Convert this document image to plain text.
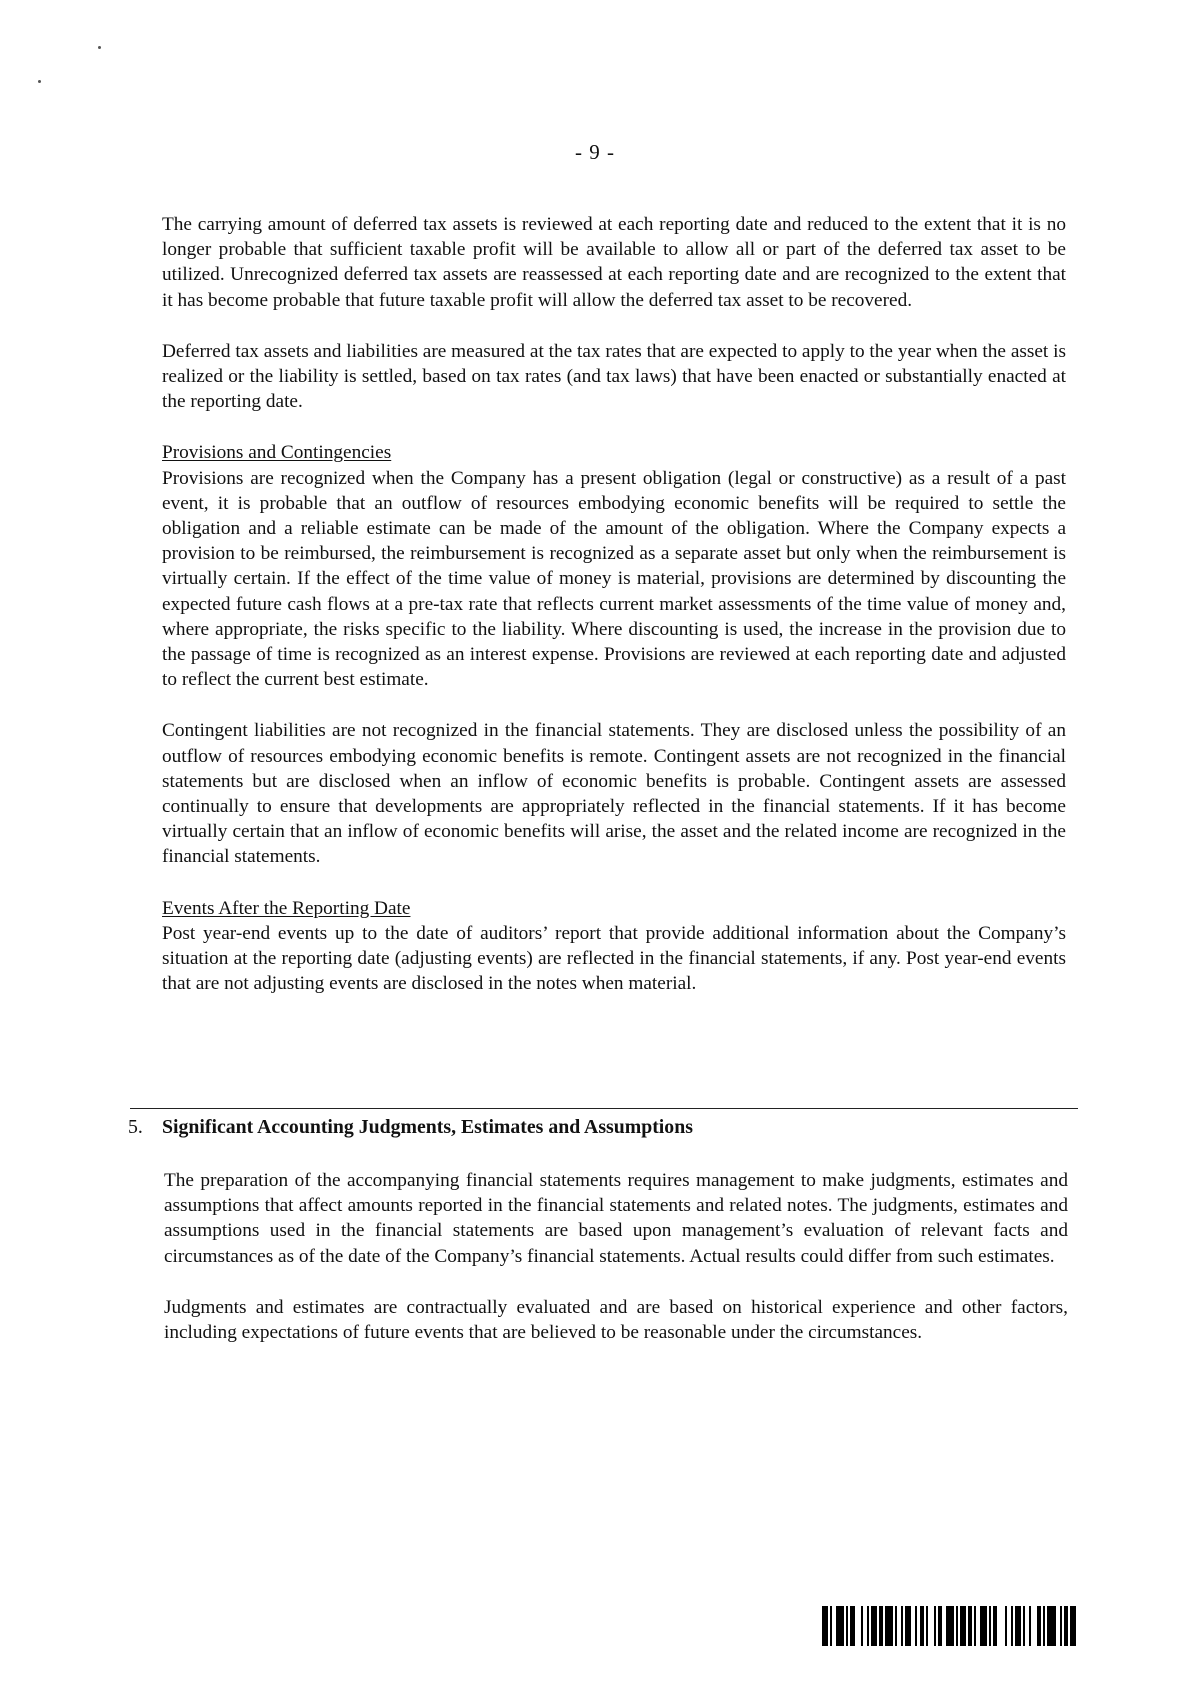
- 9 -

The carrying amount of deferred tax assets is reviewed at each reporting date and reduced to the extent that it is no longer probable that sufficient taxable profit will be available to allow all or part of the deferred tax asset to be utilized. Unrecognized deferred tax assets are reassessed at each reporting date and are recognized to the extent that it has become probable that future taxable profit will allow the deferred tax asset to be recovered.

Deferred tax assets and liabilities are measured at the tax rates that are expected to apply to the year when the asset is realized or the liability is settled, based on tax rates (and tax laws) that have been enacted or substantially enacted at the reporting date.

Provisions and Contingencies

Provisions are recognized when the Company has a present obligation (legal or constructive) as a result of a past event, it is probable that an outflow of resources embodying economic benefits will be required to settle the obligation and a reliable estimate can be made of the amount of the obligation. Where the Company expects a provision to be reimbursed, the reimbursement is recognized as a separate asset but only when the reimbursement is virtually certain. If the effect of the time value of money is material, provisions are determined by discounting the expected future cash flows at a pre-tax rate that reflects current market assessments of the time value of money and, where appropriate, the risks specific to the liability. Where discounting is used, the increase in the provision due to the passage of time is recognized as an interest expense. Provisions are reviewed at each reporting date and adjusted to reflect the current best estimate.

Contingent liabilities are not recognized in the financial statements. They are disclosed unless the possibility of an outflow of resources embodying economic benefits is remote. Contingent assets are not recognized in the financial statements but are disclosed when an inflow of economic benefits is probable. Contingent assets are assessed continually to ensure that developments are appropriately reflected in the financial statements. If it has become virtually certain that an inflow of economic benefits will arise, the asset and the related income are recognized in the financial statements.

Events After the Reporting Date

Post year-end events up to the date of auditors’ report that provide additional information about the Company’s situation at the reporting date (adjusting events) are reflected in the financial statements, if any. Post year-end events that are not adjusting events are disclosed in the notes when material.

5. Significant Accounting Judgments, Estimates and Assumptions

The preparation of the accompanying financial statements requires management to make judgments, estimates and assumptions that affect amounts reported in the financial statements and related notes. The judgments, estimates and assumptions used in the financial statements are based upon management’s evaluation of relevant facts and circumstances as of the date of the Company’s financial statements. Actual results could differ from such estimates.

Judgments and estimates are contractually evaluated and are based on historical experience and other factors, including expectations of future events that are believed to be reasonable under the circumstances.
